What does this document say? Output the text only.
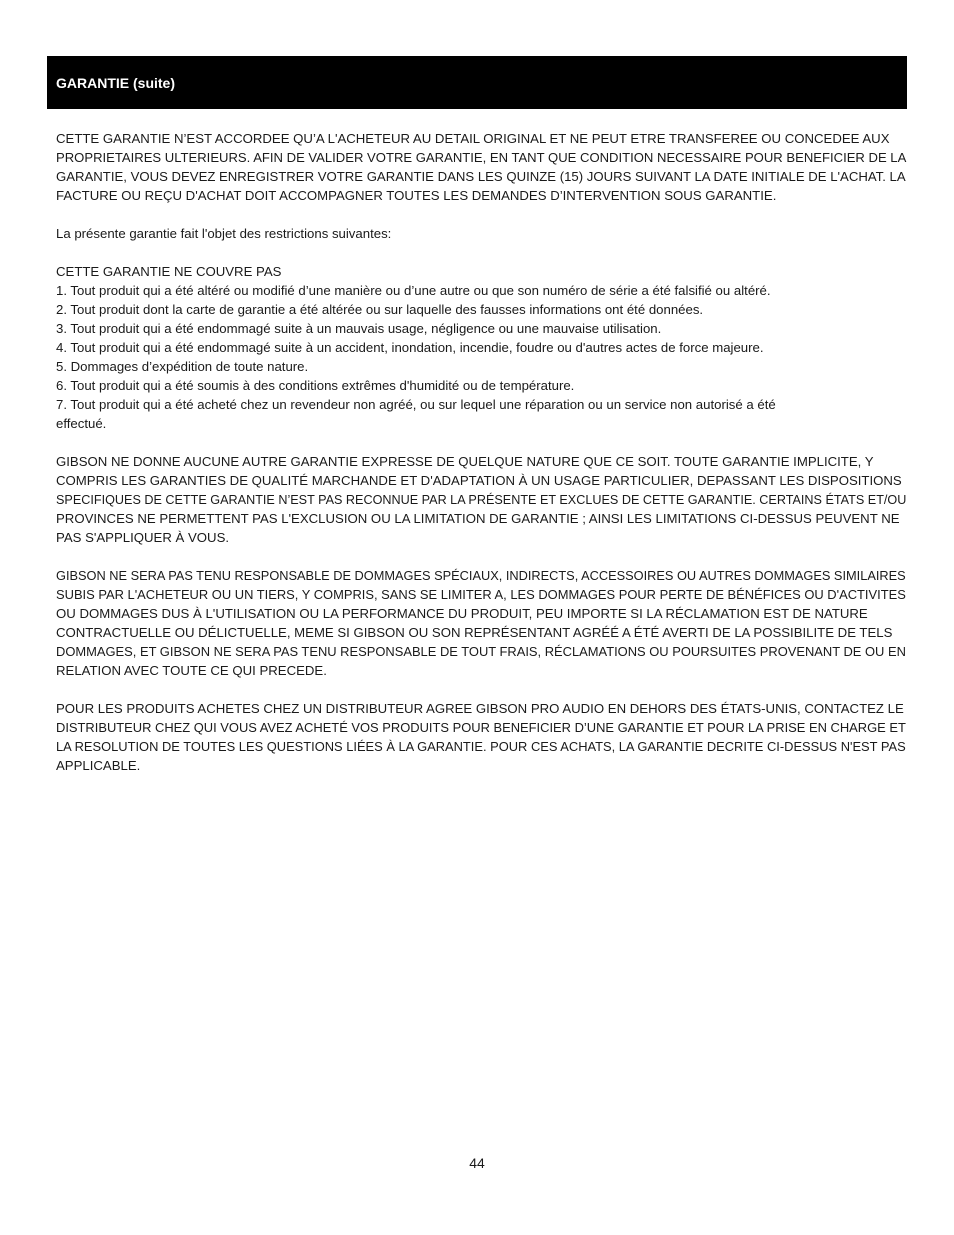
GARANTIE (suite)

CETTE GARANTIE N’EST ACCORDEE QU’A L'ACHETEUR AU DETAIL ORIGINAL ET NE PEUT ETRE TRANSFEREE OU CONCEDEE AUX
PROPRIETAIRES ULTERIEURS. AFIN DE VALIDER VOTRE GARANTIE, EN TANT QUE CONDITION NECESSAIRE POUR BENEFICIER DE LA
GARANTIE, VOUS DEVEZ ENREGISTRER VOTRE GARANTIE DANS LES QUINZE (15) JOURS SUIVANT LA DATE INITIALE DE L'ACHAT. LA
FACTURE OU REÇU D'ACHAT DOIT ACCOMPAGNER TOUTES LES DEMANDES D’INTERVENTION SOUS GARANTIE.

La présente garantie fait l'objet des restrictions suivantes:

CETTE GARANTIE NE COUVRE PAS
1. Tout produit qui a été altéré ou modifié d’une manière ou d’une autre ou que son numéro de série a été falsifié ou altéré.
2. Tout produit dont la carte de garantie a été altérée ou sur laquelle des fausses informations ont été données.
3. Tout produit qui a été endommagé suite à un mauvais usage, négligence ou une mauvaise utilisation.
4. Tout produit qui a été endommagé suite à un accident, inondation, incendie, foudre ou d'autres actes de force majeure.
5. Dommages d’expédition de toute nature.
6. Tout produit qui a été soumis à des conditions extrêmes d'humidité ou de température.
7. Tout produit qui a été acheté chez un revendeur non agréé, ou sur lequel une réparation ou un service non autorisé a été
effectué.

GIBSON NE DONNE AUCUNE AUTRE GARANTIE EXPRESSE DE QUELQUE NATURE QUE CE SOIT. TOUTE GARANTIE IMPLICITE, Y
COMPRIS LES GARANTIES DE QUALITÉ MARCHANDE ET D'ADAPTATION À UN USAGE PARTICULIER, DEPASSANT LES DISPOSITIONS
SPECIFIQUES DE CETTE GARANTIE N’EST PAS RECONNUE PAR LA PRÉSENTE ET EXCLUES DE CETTE GARANTIE. CERTAINS ÉTATS ET/OU
PROVINCES NE PERMETTENT PAS L'EXCLUSION OU LA LIMITATION DE GARANTIE ; AINSI LES LIMITATIONS CI-DESSUS PEUVENT NE
PAS S'APPLIQUER À VOUS.

GIBSON NE SERA PAS TENU RESPONSABLE DE DOMMAGES SPÉCIAUX, INDIRECTS, ACCESSOIRES OU AUTRES DOMMAGES SIMILAIRES
SUBIS PAR L'ACHETEUR OU UN TIERS, Y COMPRIS, SANS SE LIMITER A, LES DOMMAGES POUR PERTE DE BÉNÉFICES OU D'ACTIVITES
OU DOMMAGES DUS À L'UTILISATION OU LA PERFORMANCE DU PRODUIT, PEU IMPORTE SI LA RÉCLAMATION EST DE NATURE
CONTRACTUELLE OU DÉLICTUELLE, MEME SI GIBSON OU SON REPRÉSENTANT AGRÉÉ A ÉTÉ AVERTI DE LA POSSIBILITE DE TELS
DOMMAGES, ET GIBSON NE SERA PAS TENU RESPONSABLE DE TOUT FRAIS, RÉCLAMATIONS OU POURSUITES PROVENANT DE OU EN
RELATION AVEC TOUTE CE QUI PRECEDE.

POUR LES PRODUITS ACHETES CHEZ UN DISTRIBUTEUR AGREE GIBSON PRO AUDIO EN DEHORS DES ÉTATS-UNIS, CONTACTEZ LE
DISTRIBUTEUR CHEZ QUI VOUS AVEZ ACHETÉ VOS PRODUITS POUR BENEFICIER D’UNE GARANTIE ET POUR LA PRISE EN CHARGE ET
LA RESOLUTION DE TOUTES LES QUESTIONS LIÉES À LA GARANTIE. POUR CES ACHATS, LA GARANTIE DECRITE CI-DESSUS N'EST PAS
APPLICABLE.

44
